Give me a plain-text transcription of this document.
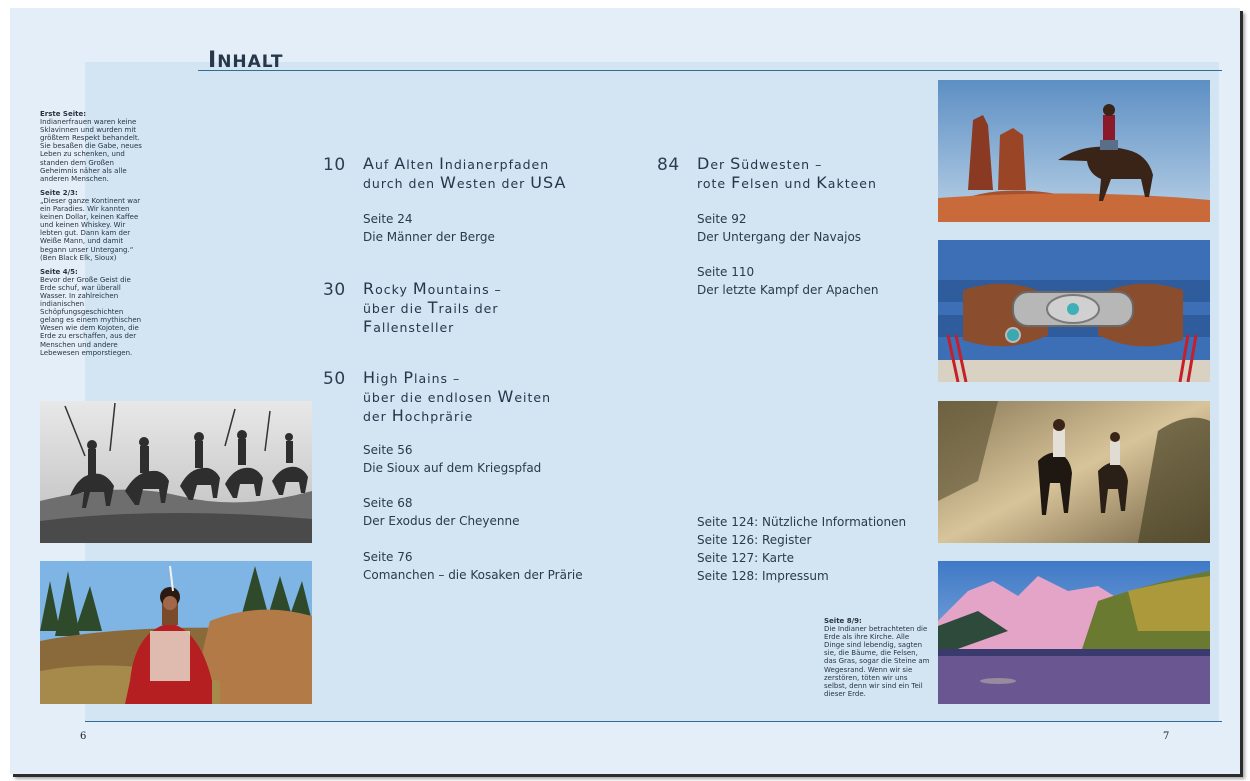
INHALT
Erste Seite:
Indianerfrauen waren keine Sklavinnen und wurden mit größtem Respekt behandelt. Sie besaßen die Gabe, neues Leben zu schenken, und standen dem Großen Geheimnis näher als alle anderen Menschen.
Seite 2/3:
„Dieser ganze Kontinent war ein Paradies. Wir kannten keinen Dollar, keinen Kaffee und keinen Whiskey. Wir lebten gut. Dann kam der Weiße Mann, und damit begann unser Untergang.“ (Ben Black Elk, Sioux)
Seite 4/5:
Bevor der Große Geist die Erde schuf, war überall Wasser. In zahlreichen indianischen Schöpfungsgeschichten gelang es einem mythischen Wesen wie dem Kojoten, die Erde zu erschaffen, aus der Menschen und andere Lebewesen emporstiegen.
10 Auf Alten Indianerpfaden
durch den Westen der USA
Seite 24
Die Männer der Berge
30 Rocky Mountains –
über die Trails der
Fallensteller
50 High Plains –
über die endlosen Weiten
der Hochprärie
Seite 56
Die Sioux auf dem Kriegspfad
Seite 68
Der Exodus der Cheyenne
Seite 76
Comanchen – die Kosaken der Prärie
84 Der Südwesten –
rote Felsen und Kakteen
Seite 92
Der Untergang der Navajos
Seite 110
Der letzte Kampf der Apachen
Seite 124: Nützliche Informationen
Seite 126: Register
Seite 127: Karte
Seite 128: Impressum
Seite 8/9:
Die Indianer betrachteten die Erde als ihre Kirche. Alle Dinge sind lebendig, sagten sie, die Bäume, die Felsen, das Gras, sogar die Steine am Wegesrand. Wenn wir sie zerstören, töten wir uns selbst, denn wir sind ein Teil dieser Erde.
6	7
